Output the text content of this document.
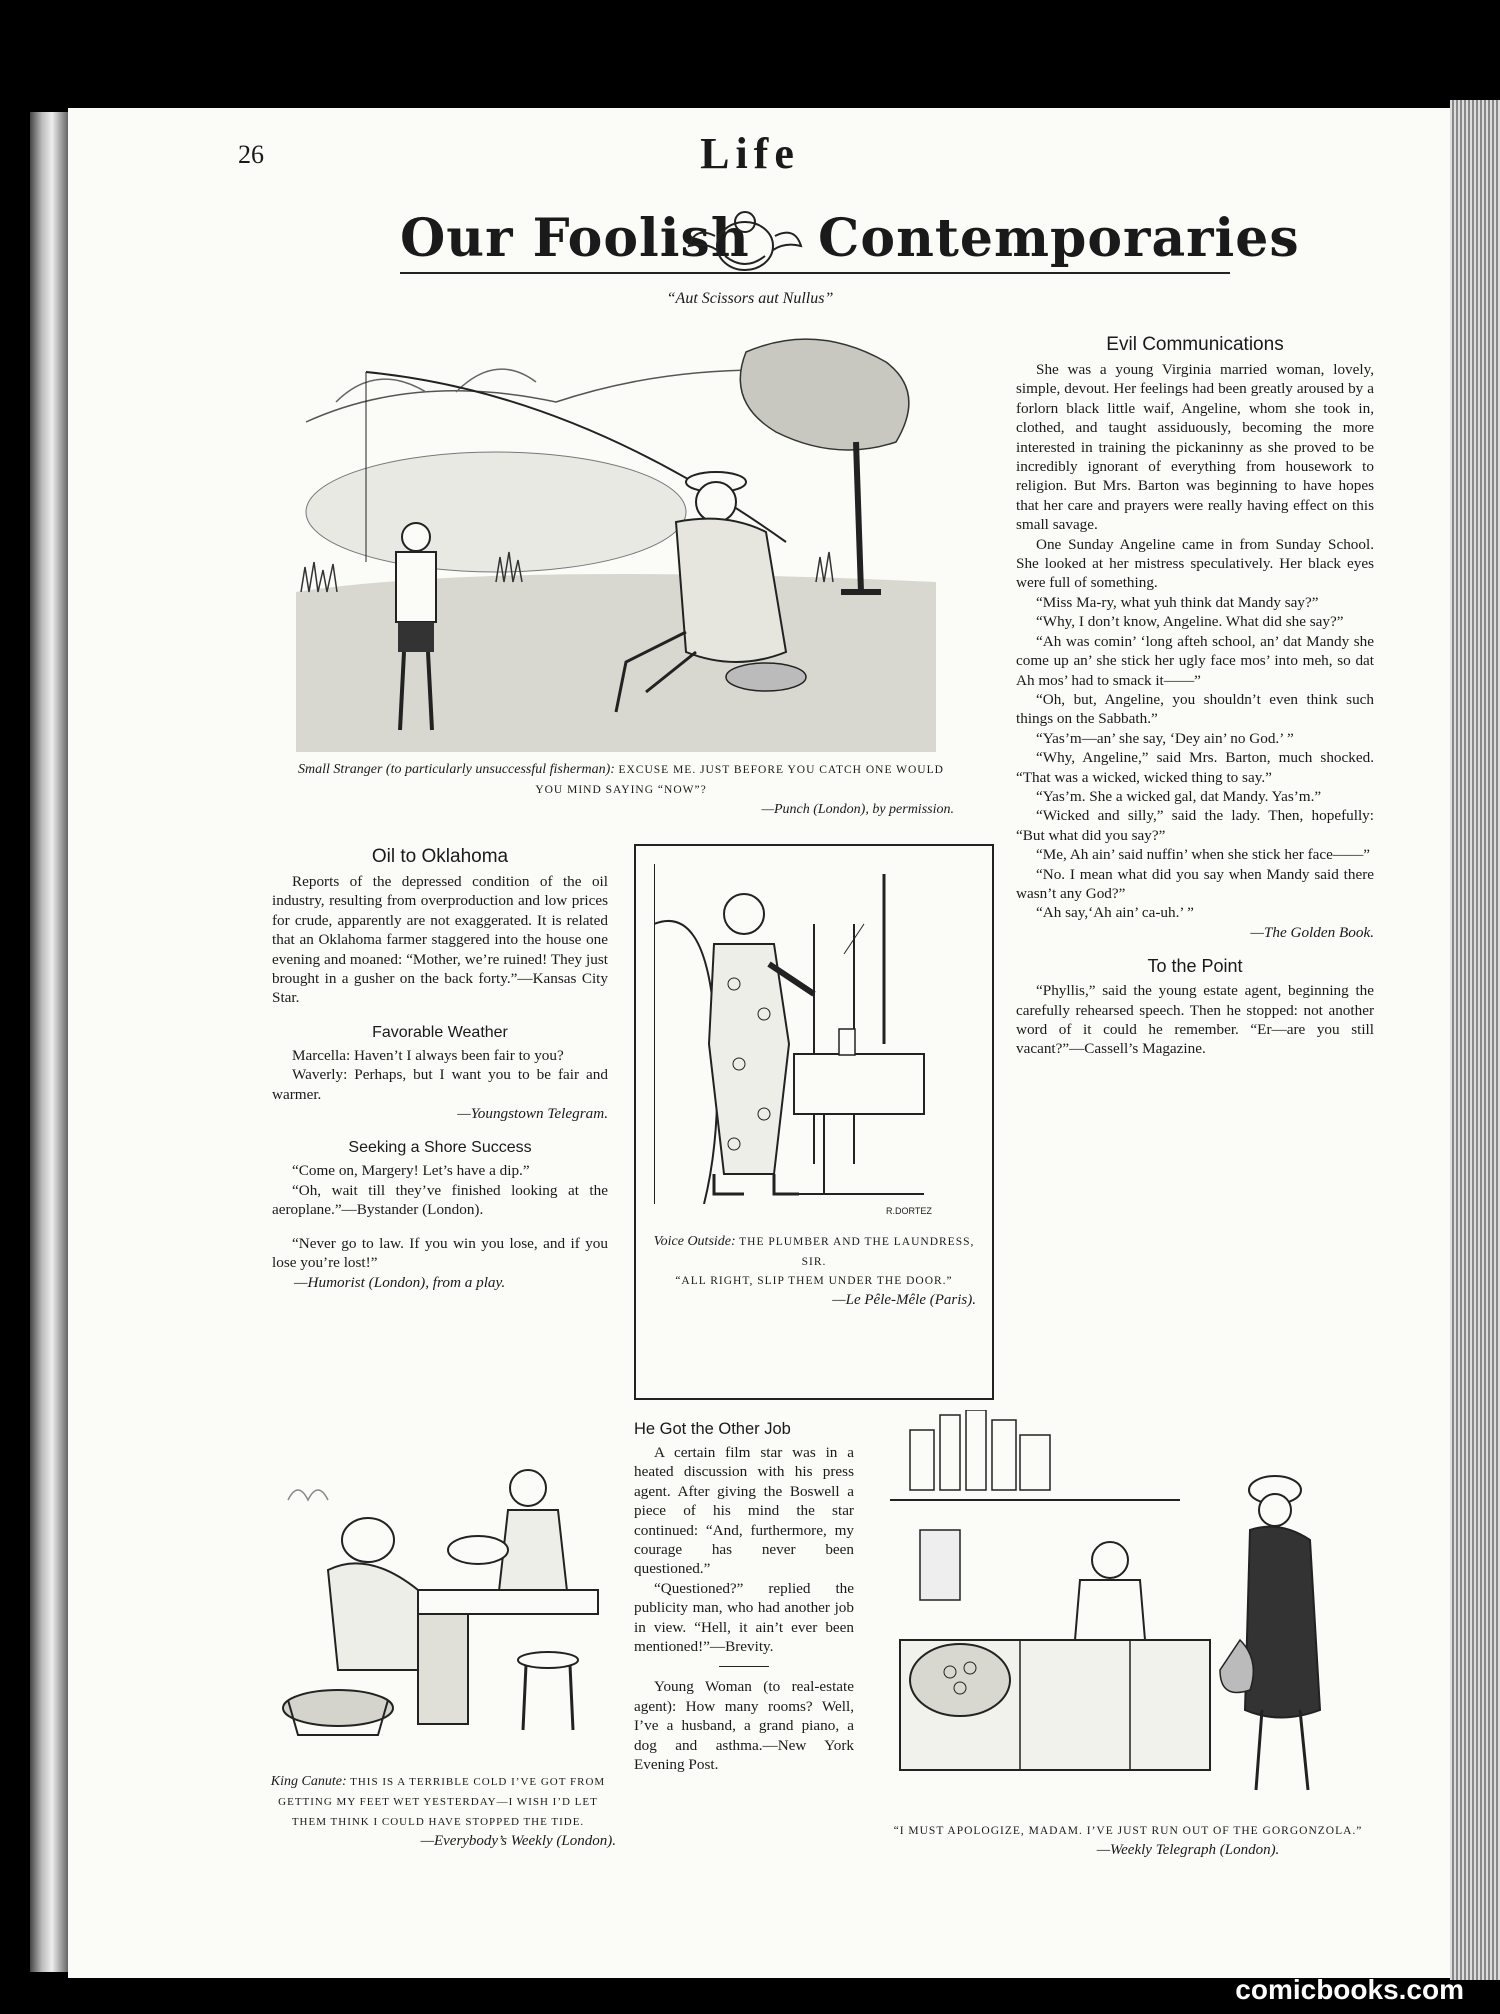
26	Life
Our Foolish Contemporaries
“Aut Scissors aut Nullus”
Small Stranger (to particularly unsuccessful fisherman): EXCUSE ME. JUST BEFORE YOU CATCH ONE WOULD YOU MIND SAYING “NOW”?
—Punch (London), by permission.
Evil Communications

She was a young Virginia married woman, lovely, simple, devout. Her feelings had been greatly aroused by a forlorn black little waif, Angeline, whom she took in, clothed, and taught assiduously, becoming the more interested in training the pickaninny as she proved to be incredibly ignorant of everything from housework to religion. But Mrs. Barton was beginning to have hopes that her care and prayers were really having effect on this small savage.

One Sunday Angeline came in from Sunday School. She looked at her mistress speculatively. Her black eyes were full of something.

“Miss Ma-ry, what yuh think dat Mandy say?”

“Why, I don’t know, Angeline. What did she say?”

“Ah was comin’ ‘long afteh school, an’ dat Mandy she come up an’ she stick her ugly face mos’ into meh, so dat Ah mos’ had to smack it——”

“Oh, but, Angeline, you shouldn’t even think such things on the Sabbath.”

“Yas’m—an’ she say, ‘Dey ain’ no God.’ ”

“Why, Angeline,” said Mrs. Barton, much shocked. “That was a wicked, wicked thing to say.”

“Yas’m. She a wicked gal, dat Mandy. Yas’m.”

“Wicked and silly,” said the lady. Then, hopefully: “But what did you say?”

“Me, Ah ain’ said nuffin’ when she stick her face——”

“No. I mean what did you say when Mandy said there wasn’t any God?”

“Ah say,‘Ah ain’ ca-uh.’ ”

—The Golden Book.
To the Point

“Phyllis,” said the young estate agent, beginning the carefully rehearsed speech. Then he stopped: not another word of it could he remember. “Er—are you still vacant?”—Cassell’s Magazine.

Oil to Oklahoma

Reports of the depressed condition of the oil industry, resulting from overproduction and low prices for crude, apparently are not exaggerated. It is related that an Oklahoma farmer staggered into the house one evening and moaned: “Mother, we’re ruined! They just brought in a gusher on the back forty.”—Kansas City Star.

Favorable Weather

Marcella: Haven’t I always been fair to you?

Waverly: Perhaps, but I want you to be fair and warmer.

—Youngstown Telegram.
Seeking a Shore Success

“Come on, Margery! Let’s have a dip.”

“Oh, wait till they’ve finished looking at the aeroplane.”—Bystander (London).

“Never go to law. If you win you lose, and if you lose you’re lost!”

—Humorist (London), from a play.
R.DORTEZ
Voice Outside: THE PLUMBER AND THE LAUNDRESS, SIR.
“ALL RIGHT, SLIP THEM UNDER THE DOOR.”
—Le Pêle-Mêle (Paris).
He Got the Other Job

A certain film star was in a heated discussion with his press agent. After giving the Boswell a piece of his mind the star continued: “And, furthermore, my courage has never been questioned.”

“Questioned?” replied the publicity man, who had another job in view. “Hell, it ain’t ever been mentioned!”—Brevity.

Young Woman (to real-estate agent): How many rooms? Well, I’ve a husband, a grand piano, a dog and asthma.—New York Evening Post.

King Canute: THIS IS A TERRIBLE COLD I’VE GOT FROM GETTING MY FEET WET YESTERDAY—I WISH I’D LET THEM THINK I COULD HAVE STOPPED THE TIDE.
—Everybody’s Weekly (London).
“I MUST APOLOGIZE, MADAM. I’VE JUST RUN OUT OF THE GORGONZOLA.”
—Weekly Telegraph (London).
comicbooks.com
